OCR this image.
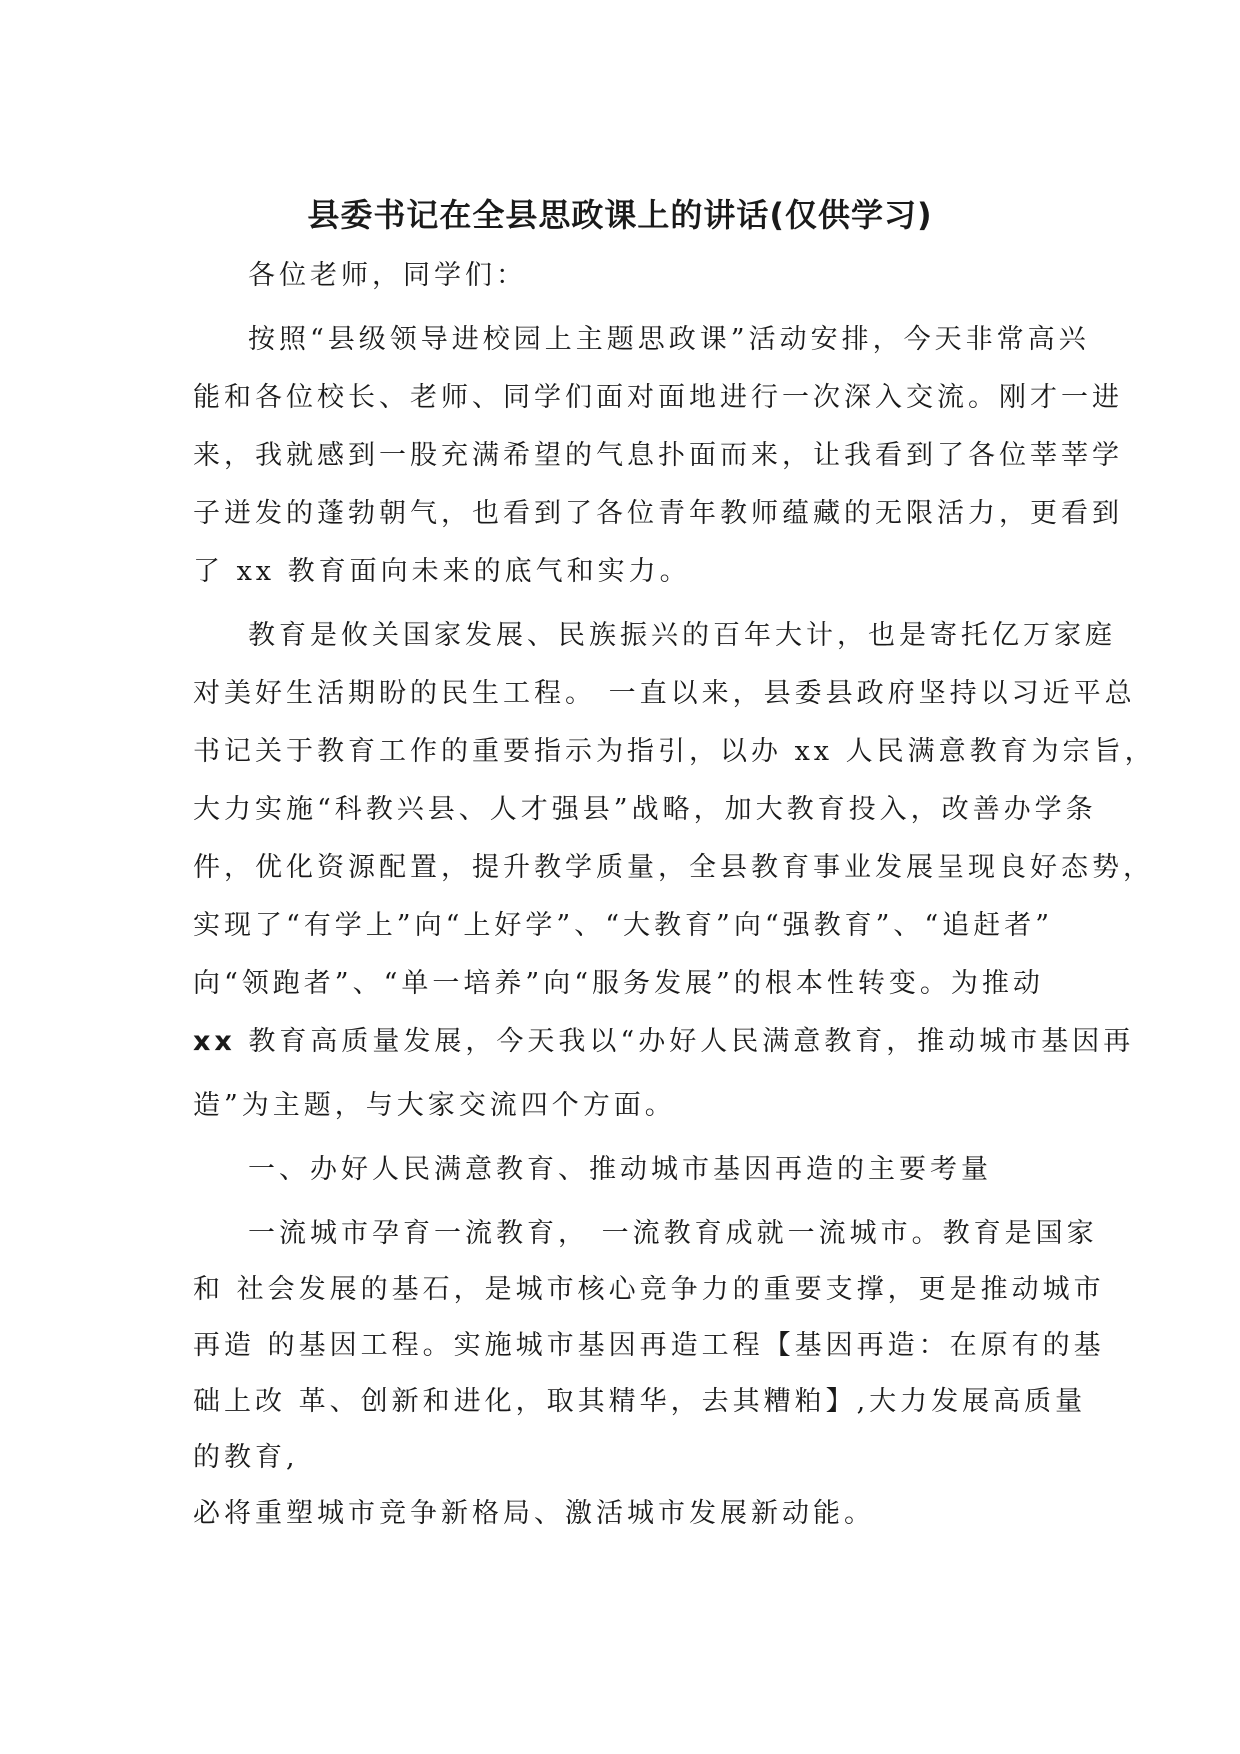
县委书记在全县思政课上的讲话(仅供学习)

各位老师，同学们：

按照“县级领导进校园上主题思政课”活动安排，今天非常高兴

能和各位校长、老师、同学们面对面地进行一次深入交流。刚才一进

来，我就感到一股充满希望的气息扑面而来，让我看到了各位莘莘学

子迸发的蓬勃朝气，也看到了各位青年教师蕴藏的无限活力，更看到

了 xx 教育面向未来的底气和实力。

教育是攸关国家发展、民族振兴的百年大计，也是寄托亿万家庭

对美好生活期盼的民生工程。 一直以来，县委县政府坚持以习近平总

书记关于教育工作的重要指示为指引，以办 xx 人民满意教育为宗旨，

大力实施“科教兴县、人才强县”战略，加大教育投入，改善办学条

件，优化资源配置，提升教学质量，全县教育事业发展呈现良好态势，

实现了“有学上”向“上好学”、“大教育”向“强教育”、“追赶者”

向“领跑者”、“单一培养”向“服务发展”的根本性转变。为推动

xx 教育高质量发展，今天我以“办好人民满意教育，推动城市基因再

造”为主题，与大家交流四个方面。

一、办好人民满意教育、推动城市基因再造的主要考量

一流城市孕育一流教育， 一流教育成就一流城市。教育是国家

和 社会发展的基石，是城市核心竞争力的重要支撑，更是推动城市

再造 的基因工程。实施城市基因再造工程【基因再造：在原有的基

础上改 革、创新和进化，取其精华，去其糟粕】,大力发展高质量

的教育,

必将重塑城市竞争新格局、激活城市发展新动能。
